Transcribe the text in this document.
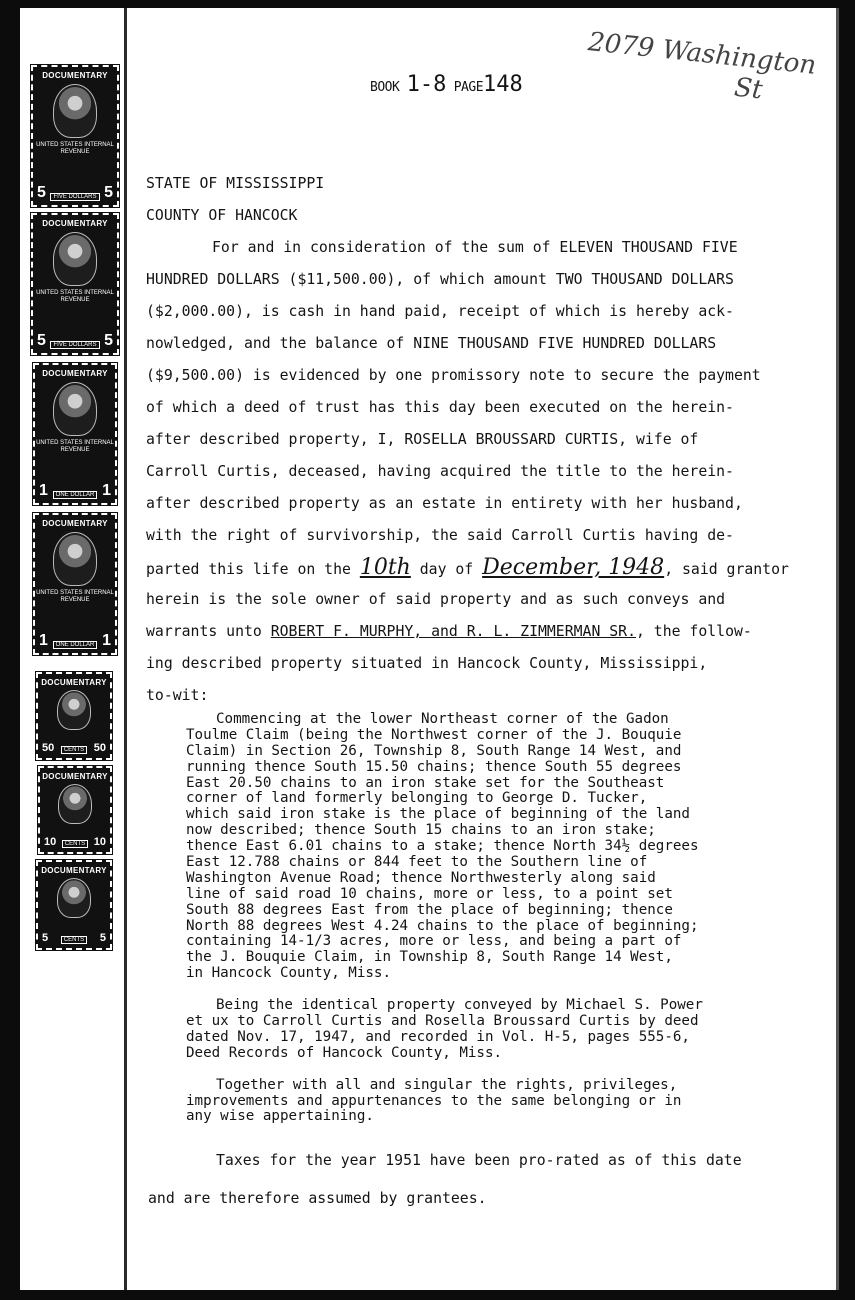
DOCUMENTARY
UNITED STATES INTERNAL REVENUE
5	FIVE DOLLARS 5
DOCUMENTARY
UNITED STATES INTERNAL REVENUE
5	FIVE DOLLARS 5
DOCUMENTARY
UNITED STATES INTERNAL REVENUE
1	ONE DOLLAR 1
DOCUMENTARY
UNITED STATES INTERNAL REVENUE
1	ONE DOLLAR 1
DOCUMENTARY
50	CENTS 50
DOCUMENTARY
10	CENTS 10
DOCUMENTARY
5	CENTS 5
BOOK 1-8 PAGE148
2079 Washington
St
STATE OF MISSISSIPPI
COUNTY OF HANCOCK
For and in consideration of the sum of ELEVEN THOUSAND FIVE
HUNDRED DOLLARS ($11,500.00), of which amount TWO THOUSAND DOLLARS
($2,000.00), is cash in hand paid, receipt of which is hereby ack-
nowledged, and the balance of NINE THOUSAND FIVE HUNDRED DOLLARS
($9,500.00) is evidenced by one promissory note to secure the payment
of which a deed of trust has this day been executed on the herein-
after described property, I, ROSELLA BROUSSARD CURTIS, wife of
Carroll Curtis, deceased, having acquired the title to the herein-
after described property as an estate in entirety with her husband,
with the right of survivorship, the said Carroll Curtis having de-
parted this life on the 10th day of December, 1948, said grantor
herein is the sole owner of said property and as such conveys and
warrants unto ROBERT F. MURPHY, and R. L. ZIMMERMAN SR., the follow-
ing described property situated in Hancock County, Mississippi,
to-wit:
Commencing at the lower Northeast corner of the Gadon
Toulme Claim (being the Northwest corner of the J. Bouquie
Claim) in Section 26, Township 8, South Range 14 West, and
running thence South 15.50 chains; thence South 55 degrees
East 20.50 chains to an iron stake set for the Southeast
corner of land formerly belonging to George D. Tucker,
which said iron stake is the place of beginning of the land
now described; thence South 15 chains to an iron stake;
thence East 6.01 chains to a stake; thence North 34½ degrees
East 12.788 chains or 844 feet to the Southern line of
Washington Avenue Road; thence Northwesterly along said
line of said road 10 chains, more or less, to a point set
South 88 degrees East from the place of beginning; thence
North 88 degrees West 4.24 chains to the place of beginning;
containing 14-1/3 acres, more or less, and being a part of
the J. Bouquie Claim, in Township 8, South Range 14 West,
in Hancock County, Miss.
Being the identical property conveyed by Michael S. Power
et ux to Carroll Curtis and Rosella Broussard Curtis by deed
dated Nov. 17, 1947, and recorded in Vol. H-5, pages 555-6,
Deed Records of Hancock County, Miss.
Together with all and singular the rights, privileges,
improvements and appurtenances to the same belonging or in
any wise appertaining.
Taxes for the year 1951 have been pro-rated as of this date
and are therefore assumed by grantees.
